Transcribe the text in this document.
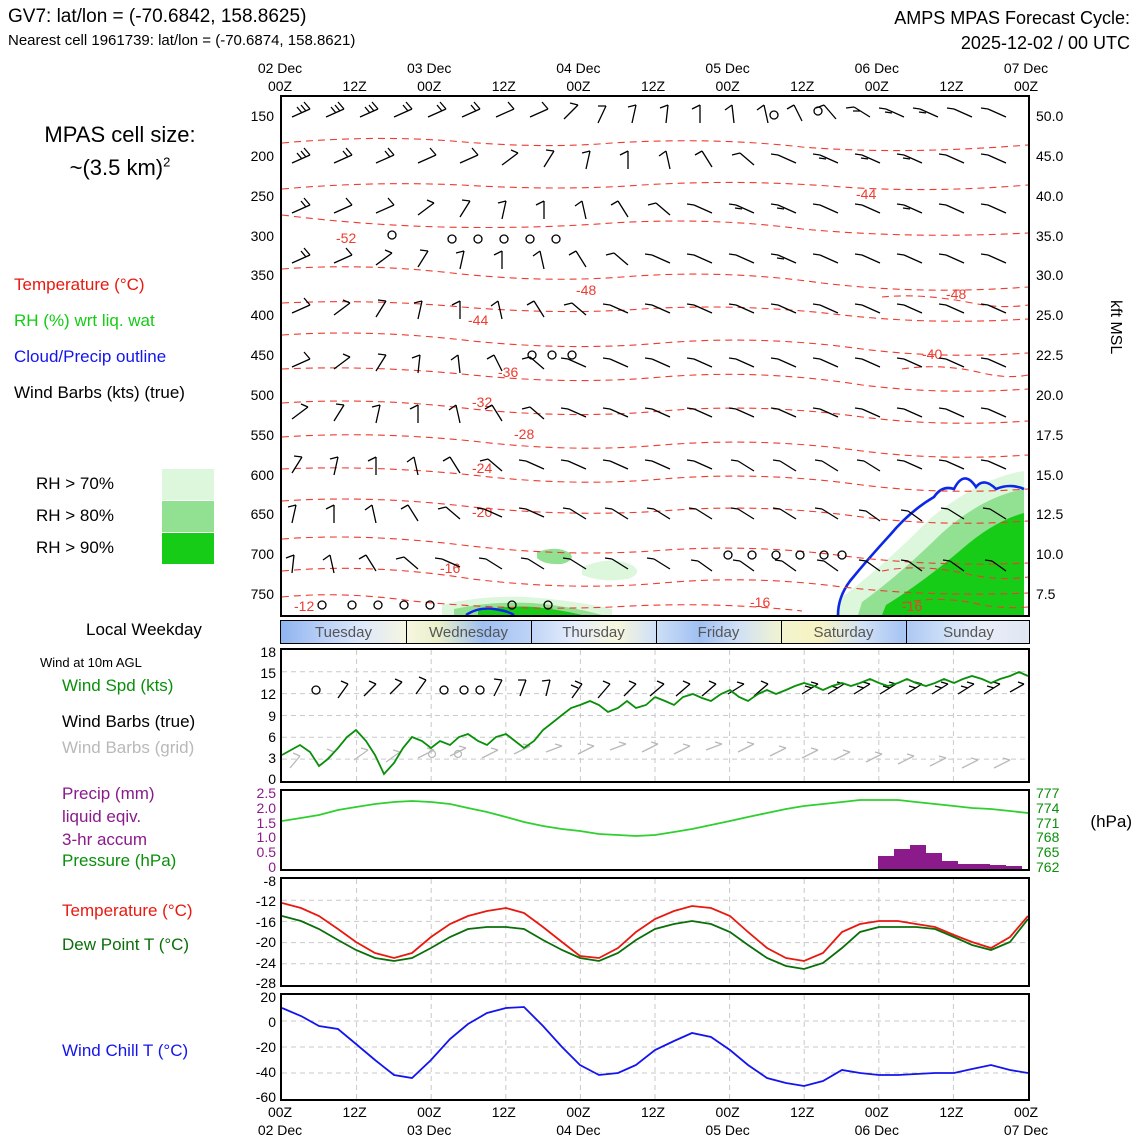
GV7: lat/lon = (-70.6842, 158.8625)
Nearest cell 1961739: lat/lon = (-70.6874, 158.8621)
AMPS MPAS Forecast Cycle:
2025-12-02 / 00 UTC
MPAS cell size:
~(3.5 km)$^2$
Temperature (°C)
RH (%) wrt liq. wat
Cloud/Precip outline
Wind Barbs (kts) (true)
RH > 70%
RH > 80%
RH > 90%
Local Weekday
Wind at 10m AGL
Wind Spd (kts)
Wind Barbs (true)
Wind Barbs (grid)
Precip (mm)
liquid eqiv.
3-hr accum
Pressure (hPa)
(hPa)
Temperature (°C)
Dew Point T (°C)
Wind Chill T (°C)
kft MSL
00Z	12Z	00Z	12Z	00Z	12Z	00Z	12Z	00Z	12Z	00Z
02 Dec	03 Dec	04 Dec	05 Dec	06 Dec	07 Dec
-52
-48	-48
-44
-44
-36
-40
-32
-28
-24
-20
-16
-16	-16
-12
Tuesday	Wednesday	Thursday	Friday	Saturday	Sunday
00Z	12Z	00Z	12Z	00Z	12Z	00Z	12Z	00Z	12Z	00Z
02 Dec	03 Dec	04 Dec	05 Dec	06 Dec	07 Dec
150
200
250
300
350
400
450
500
550
600
650
700
750
50.0
45.0
40.0
35.0
30.0
25.0
22.5
20.0
17.5
15.0
12.5
10.0
7.5
18
15
12
9
6
3
0
2.5
2.0
1.5
1.0
0.5
0
777
774
771
768
765
762
-8
-12
-16
-20
-24
-28
20
0
-20
-40
-60
